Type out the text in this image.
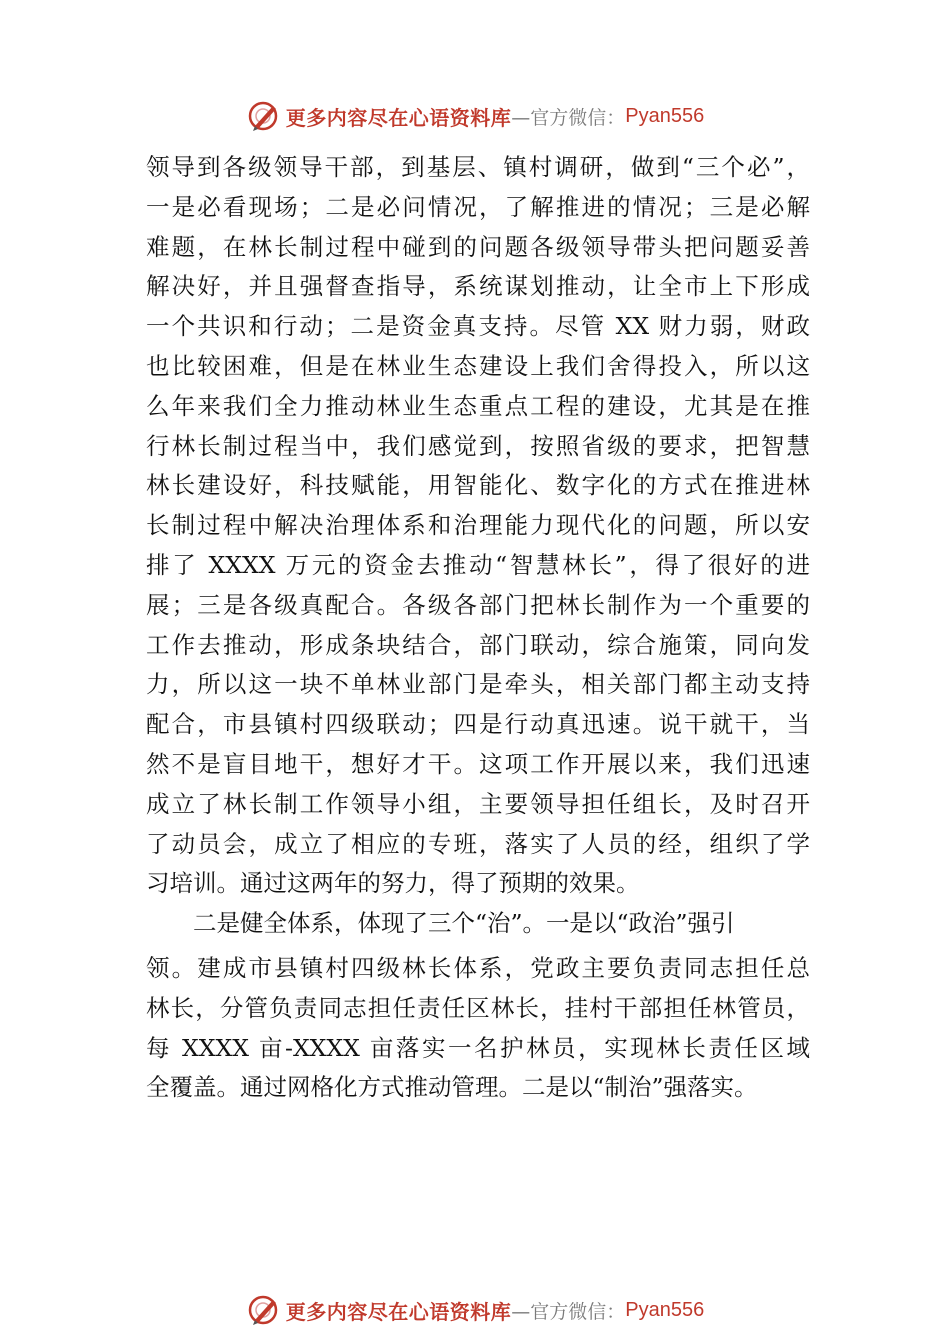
更多内容尽在心语资料库 —官方微信： Pyan556
领导到各级领导干部，到基层、镇村调研，做到“三个必”，
一是必看现场；二是必问情况，了解推进的情况；三是必解
难题，在林长制过程中碰到的问题各级领导带头把问题妥善
解决好，并且强督查指导，系统谋划推动，让全市上下形成
一个共识和行动；二是资金真支持。尽管 XX 财力弱，财政
也比较困难，但是在林业生态建设上我们舍得投入，所以这
么年来我们全力推动林业生态重点工程的建设，尤其是在推
行林长制过程当中，我们感觉到，按照省级的要求，把智慧
林长建设好，科技赋能，用智能化、数字化的方式在推进林
长制过程中解决治理体系和治理能力现代化的问题，所以安
排了 XXXX 万元的资金去推动“智慧林长”，得了很好的进
展；三是各级真配合。各级各部门把林长制作为一个重要的
工作去推动，形成条块结合，部门联动，综合施策，同向发
力，所以这一块不单林业部门是牵头，相关部门都主动支持
配合，市县镇村四级联动；四是行动真迅速。说干就干，当
然不是盲目地干，想好才干。这项工作开展以来，我们迅速
成立了林长制工作领导小组，主要领导担任组长，及时召开
了动员会，成立了相应的专班，落实了人员的经，组织了学
习培训。通过这两年的努力，得了预期的效果。
二是健全体系，体现了三个“治”。一是以“政治”强引
领。建成市县镇村四级林长体系，党政主要负责同志担任总
林长，分管负责同志担任责任区林长，挂村干部担任林管员，
每 XXXX 亩-XXXX 亩落实一名护林员，实现林长责任区域
全覆盖。通过网格化方式推动管理。二是以“制治”强落实。
更多内容尽在心语资料库 —官方微信： Pyan556
